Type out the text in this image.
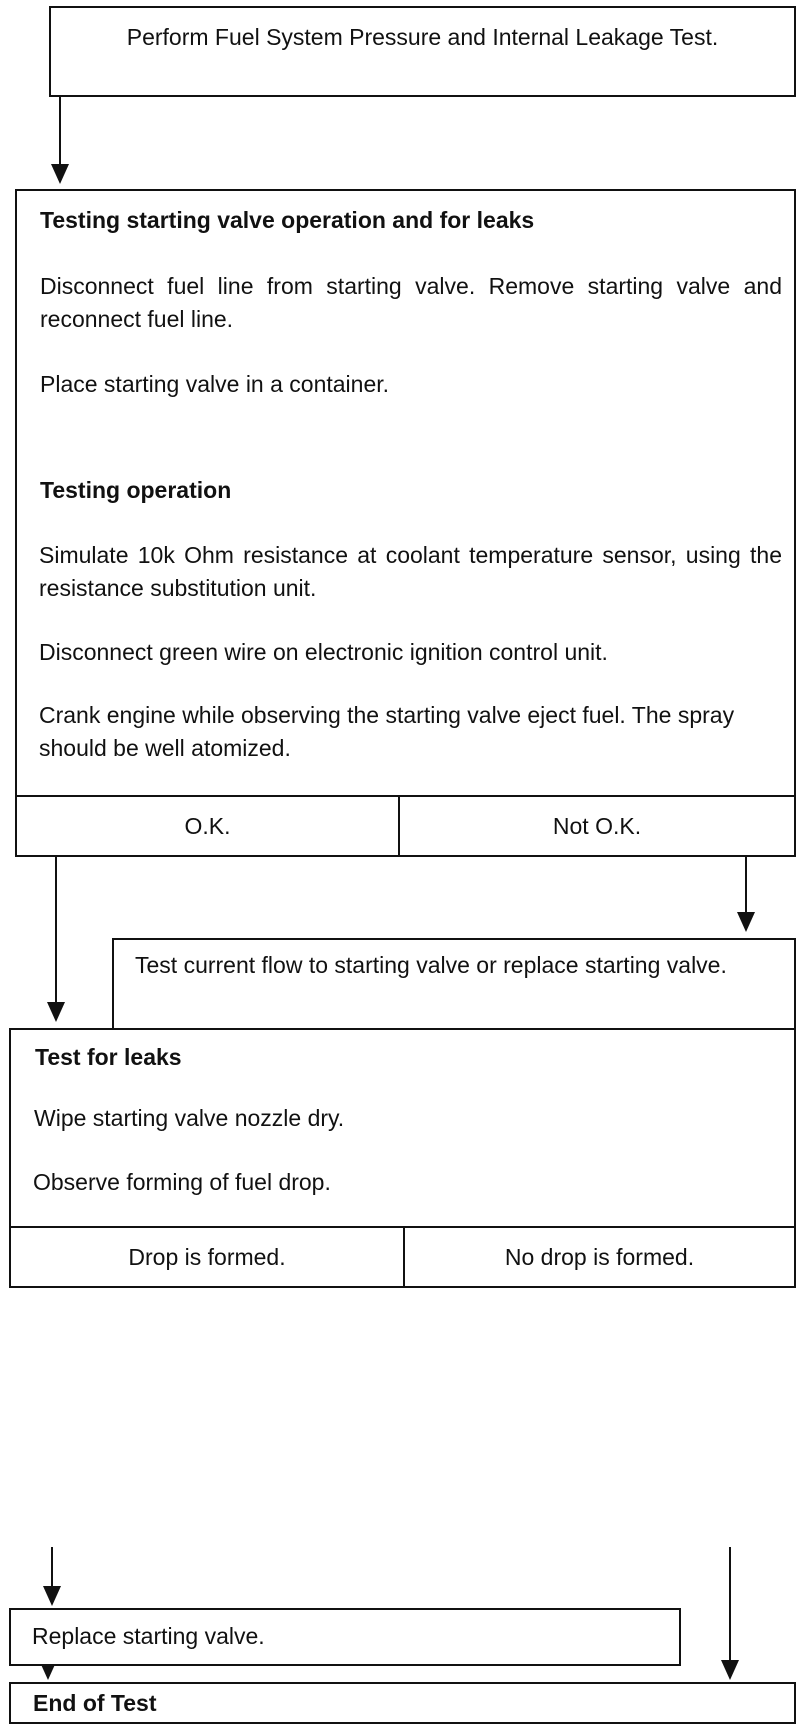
Perform Fuel System Pressure and Internal Leakage Test.

Testing starting valve operation and for leaks

Disconnect fuel line from starting valve. Remove starting valve and reconnect fuel line.

Place starting valve in a container.

Testing operation

Simulate 10k Ohm resistance at coolant temperature sensor, using the resistance substitution unit.

Disconnect green wire on electronic ignition control unit.

Crank engine while observing the starting valve eject fuel. The spray should be well atomized.

O.K.	Not O.K.

Test current flow to starting valve or replace starting valve.

Test for leaks

Wipe starting valve nozzle dry.

Observe forming of fuel drop.

Drop is formed.	No drop is formed.

Replace starting valve.

End of Test
